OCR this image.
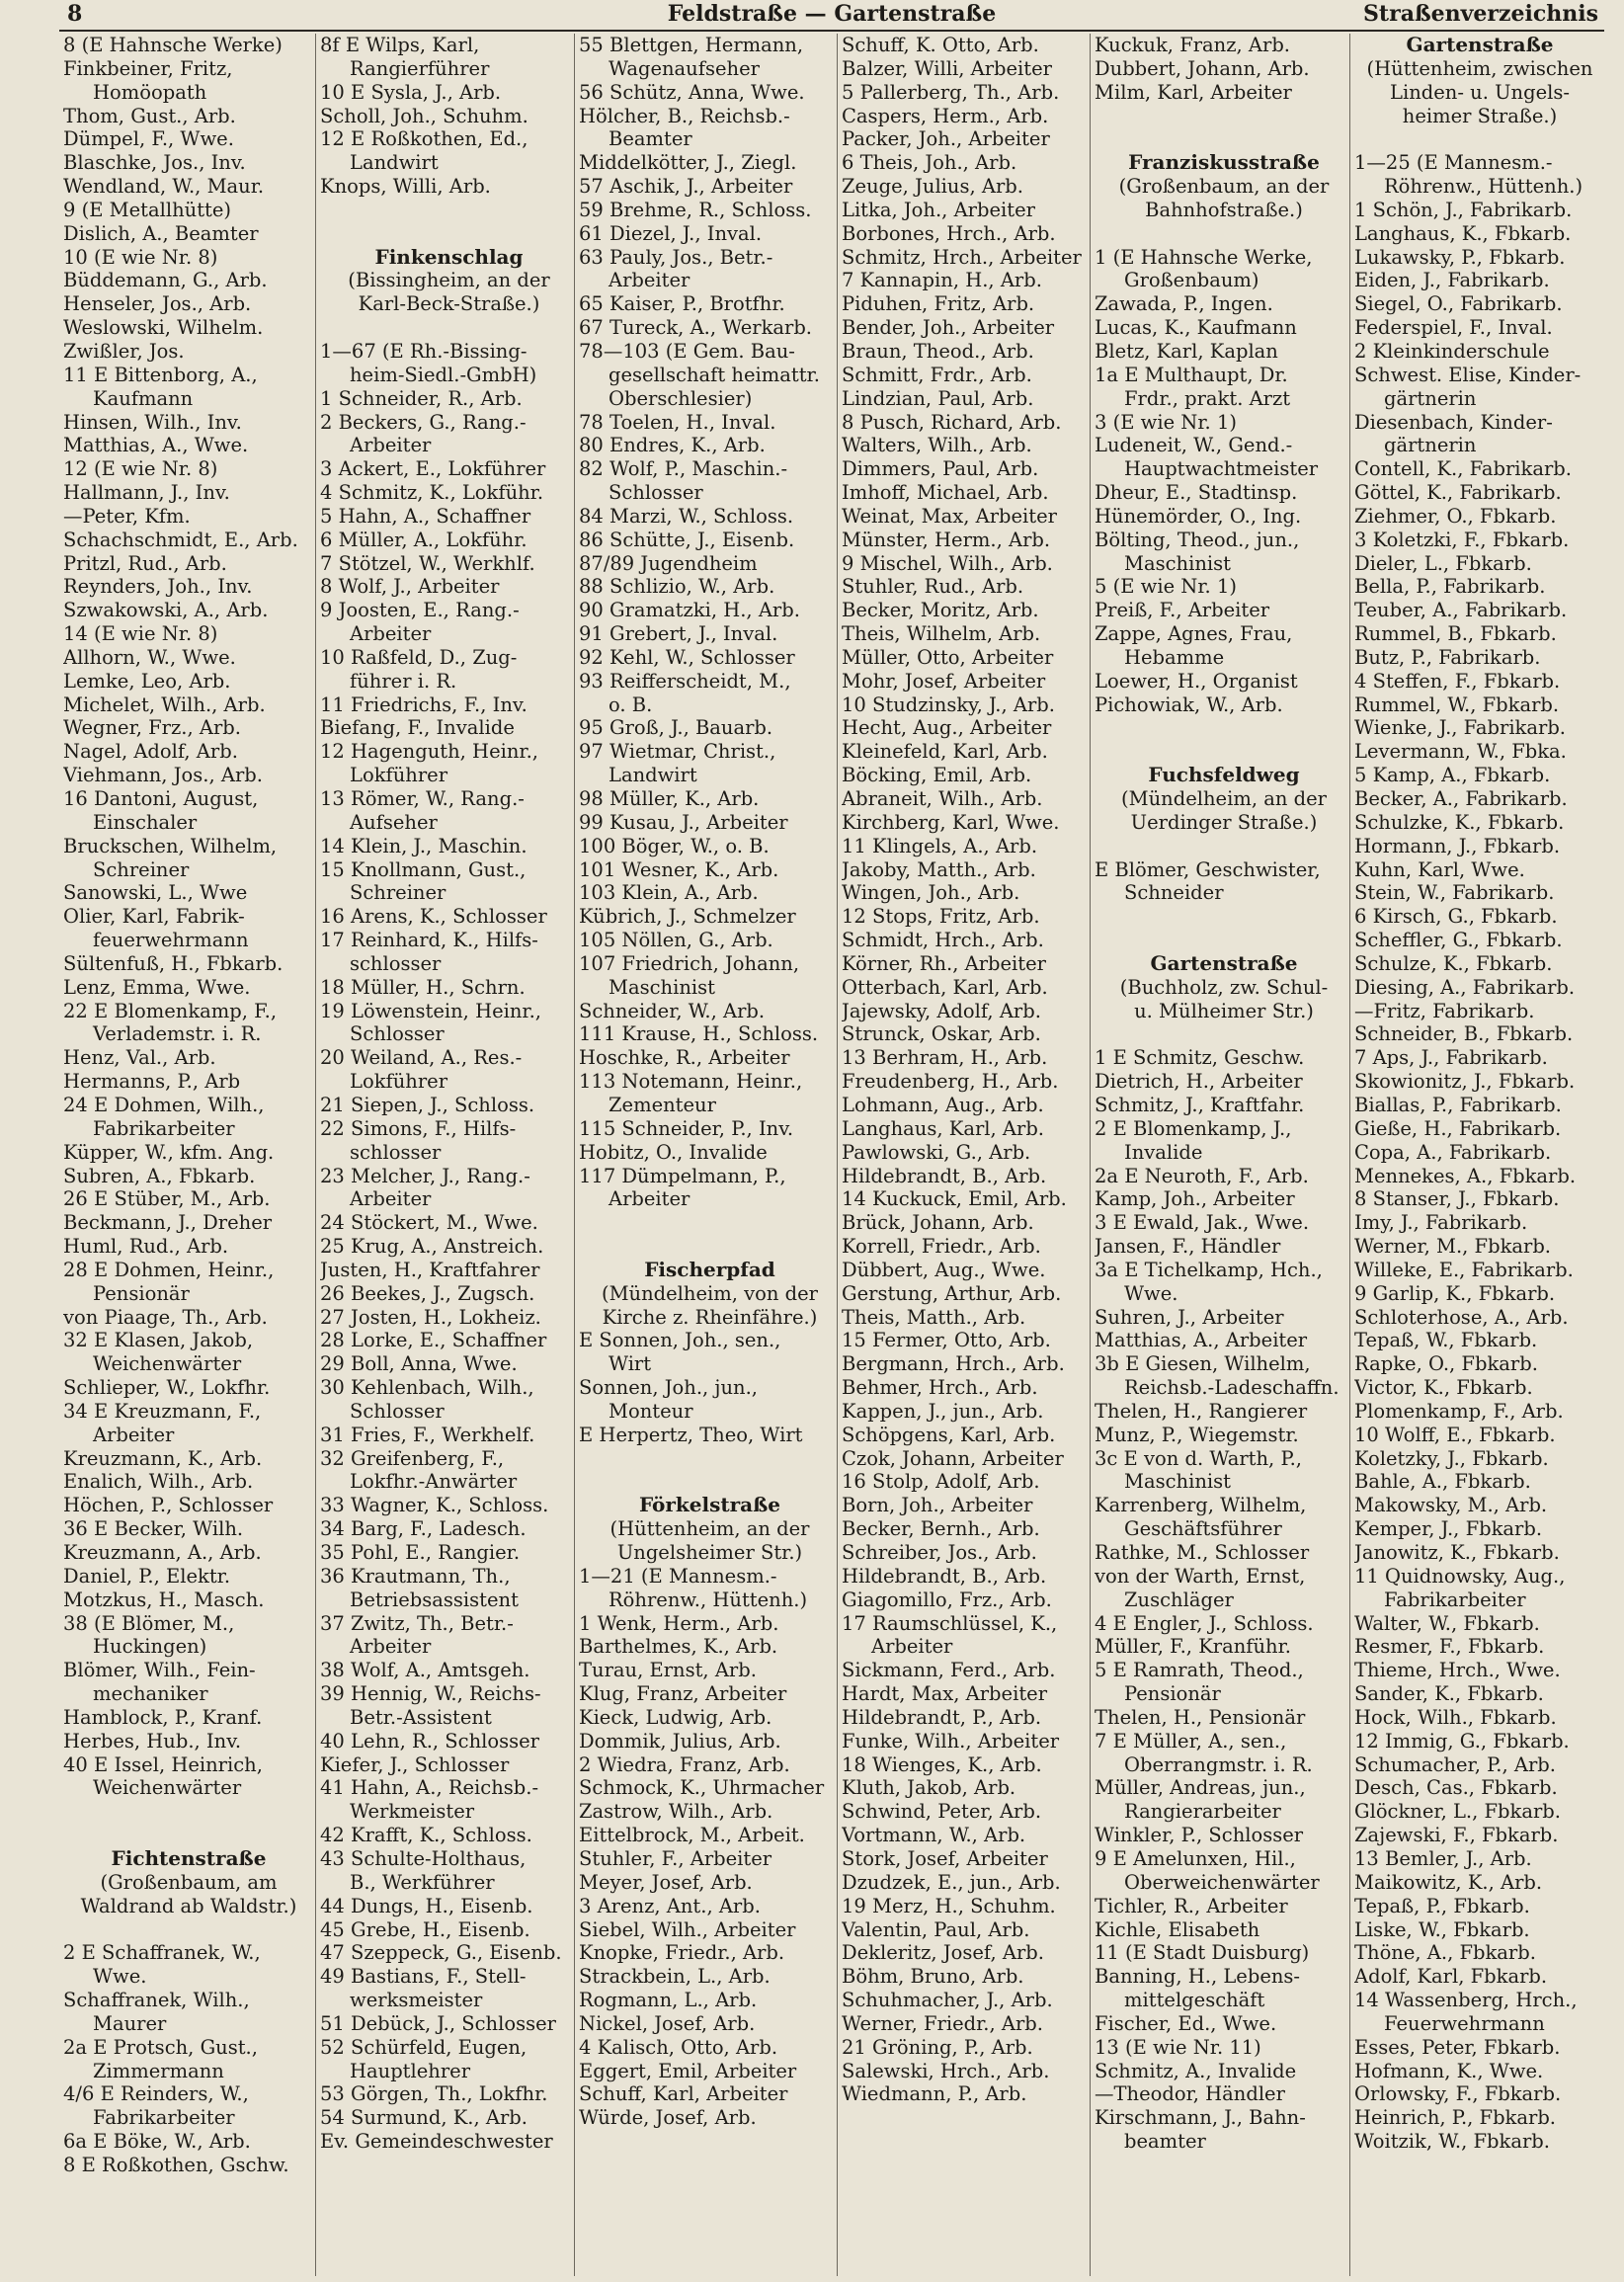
8	Feldstraße — Gartenstraße	Straßenverzeichnis
8 (E Hahnsche Werke)
Finkbeiner, Fritz,
Homöopath
Thom, Gust., Arb.
Dümpel, F., Wwe.
Blaschke, Jos., Inv.
Wendland, W., Maur.
9 (E Metallhütte)
Dislich, A., Beamter
10 (E wie Nr. 8)
Büddemann, G., Arb.
Henseler, Jos., Arb.
Weslowski, Wilhelm.
Zwißler, Jos.
11 E Bittenborg, A.,
Kaufmann
Hinsen, Wilh., Inv.
Matthias, A., Wwe.
12 (E wie Nr. 8)
Hallmann, J., Inv.
—Peter, Kfm.
Schachschmidt, E., Arb.
Pritzl, Rud., Arb.
Reynders, Joh., Inv.
Szwakowski, A., Arb.
14 (E wie Nr. 8)
Allhorn, W., Wwe.
Lemke, Leo, Arb.
Michelet, Wilh., Arb.
Wegner, Frz., Arb.
Nagel, Adolf, Arb.
Viehmann, Jos., Arb.
16 Dantoni, August,
Einschaler
Bruckschen, Wilhelm,
Schreiner
Sanowski, L., Wwe
Olier, Karl, Fabrik-
feuerwehrmann
Sültenfuß, H., Fbkarb.
Lenz, Emma, Wwe.
22 E Blomenkamp, F.,
Verlademstr. i. R.
Henz, Val., Arb.
Hermanns, P., Arb
24 E Dohmen, Wilh.,
Fabrikarbeiter
Küpper, W., kfm. Ang.
Subren, A., Fbkarb.
26 E Stüber, M., Arb.
Beckmann, J., Dreher
Huml, Rud., Arb.
28 E Dohmen, Heinr.,
Pensionär
von Piaage, Th., Arb.
32 E Klasen, Jakob,
Weichenwärter
Schlieper, W., Lokfhr.
34 E Kreuzmann, F.,
Arbeiter
Kreuzmann, K., Arb.
Enalich, Wilh., Arb.
Höchen, P., Schlosser
36 E Becker, Wilh.
Kreuzmann, A., Arb.
Daniel, P., Elektr.
Motzkus, H., Masch.
38 (E Blömer, M.,
Huckingen)
Blömer, Wilh., Fein-
mechaniker
Hamblock, P., Kranf.
Herbes, Hub., Inv.
40 E Issel, Heinrich,
Weichenwärter
Fichtenstraße
(Großenbaum, am
Waldrand ab Waldstr.)
2 E Schaffranek, W.,
Wwe.
Schaffranek, Wilh.,
Maurer
2a E Protsch, Gust.,
Zimmermann
4/6 E Reinders, W.,
Fabrikarbeiter
6a E Böke, W., Arb.
8 E Roßkothen, Gschw.
8f E Wilps, Karl,
Rangierführer
10 E Sysla, J., Arb.
Scholl, Joh., Schuhm.
12 E Roßkothen, Ed.,
Landwirt
Knops, Willi, Arb.
Finkenschlag
(Bissingheim, an der
Karl-Beck-Straße.)
1—67 (E Rh.-Bissing-
heim-Siedl.-GmbH)
1 Schneider, R., Arb.
2 Beckers, G., Rang.-
Arbeiter
3 Ackert, E., Lokführer
4 Schmitz, K., Lokführ.
5 Hahn, A., Schaffner
6 Müller, A., Lokführ.
7 Stötzel, W., Werkhlf.
8 Wolf, J., Arbeiter
9 Joosten, E., Rang.-
Arbeiter
10 Raßfeld, D., Zug-
führer i. R.
11 Friedrichs, F., Inv.
Biefang, F., Invalide
12 Hagenguth, Heinr.,
Lokführer
13 Römer, W., Rang.-
Aufseher
14 Klein, J., Maschin.
15 Knollmann, Gust.,
Schreiner
16 Arens, K., Schlosser
17 Reinhard, K., Hilfs-
schlosser
18 Müller, H., Schrn.
19 Löwenstein, Heinr.,
Schlosser
20 Weiland, A., Res.-
Lokführer
21 Siepen, J., Schloss.
22 Simons, F., Hilfs-
schlosser
23 Melcher, J., Rang.-
Arbeiter
24 Stöckert, M., Wwe.
25 Krug, A., Anstreich.
Justen, H., Kraftfahrer
26 Beekes, J., Zugsch.
27 Josten, H., Lokheiz.
28 Lorke, E., Schaffner
29 Boll, Anna, Wwe.
30 Kehlenbach, Wilh.,
Schlosser
31 Fries, F., Werkhelf.
32 Greifenberg, F.,
Lokfhr.-Anwärter
33 Wagner, K., Schloss.
34 Barg, F., Ladesch.
35 Pohl, E., Rangier.
36 Krautmann, Th.,
Betriebsassistent
37 Zwitz, Th., Betr.-
Arbeiter
38 Wolf, A., Amtsgeh.
39 Hennig, W., Reichs-
Betr.-Assistent
40 Lehn, R., Schlosser
Kiefer, J., Schlosser
41 Hahn, A., Reichsb.-
Werkmeister
42 Krafft, K., Schloss.
43 Schulte-Holthaus,
B., Werkführer
44 Dungs, H., Eisenb.
45 Grebe, H., Eisenb.
47 Szeppeck, G., Eisenb.
49 Bastians, F., Stell-
werksmeister
51 Debück, J., Schlosser
52 Schürfeld, Eugen,
Hauptlehrer
53 Görgen, Th., Lokfhr.
54 Surmund, K., Arb.
Ev. Gemeindeschwester
55 Blettgen, Hermann,
Wagenaufseher
56 Schütz, Anna, Wwe.
Hölcher, B., Reichsb.-
Beamter
Middelkötter, J., Ziegl.
57 Aschik, J., Arbeiter
59 Brehme, R., Schloss.
61 Diezel, J., Inval.
63 Pauly, Jos., Betr.-
Arbeiter
65 Kaiser, P., Brotfhr.
67 Tureck, A., Werkarb.
78—103 (E Gem. Bau-
gesellschaft heimattr.
Oberschlesier)
78 Toelen, H., Inval.
80 Endres, K., Arb.
82 Wolf, P., Maschin.-
Schlosser
84 Marzi, W., Schloss.
86 Schütte, J., Eisenb.
87/89 Jugendheim
88 Schlizio, W., Arb.
90 Gramatzki, H., Arb.
91 Grebert, J., Inval.
92 Kehl, W., Schlosser
93 Reifferscheidt, M.,
o. B.
95 Groß, J., Bauarb.
97 Wietmar, Christ.,
Landwirt
98 Müller, K., Arb.
99 Kusau, J., Arbeiter
100 Böger, W., o. B.
101 Wesner, K., Arb.
103 Klein, A., Arb.
Kübrich, J., Schmelzer
105 Nöllen, G., Arb.
107 Friedrich, Johann,
Maschinist
Schneider, W., Arb.
111 Krause, H., Schloss.
Hoschke, R., Arbeiter
113 Notemann, Heinr.,
Zementeur
115 Schneider, P., Inv.
Hobitz, O., Invalide
117 Dümpelmann, P.,
Arbeiter
Fischerpfad
(Mündelheim, von der
Kirche z. Rheinfähre.)
E Sonnen, Joh., sen.,
Wirt
Sonnen, Joh., jun.,
Monteur
E Herpertz, Theo, Wirt
Förkelstraße
(Hüttenheim, an der
Ungelsheimer Str.)
1—21 (E Mannesm.-
Röhrenw., Hüttenh.)
1 Wenk, Herm., Arb.
Barthelmes, K., Arb.
Turau, Ernst, Arb.
Klug, Franz, Arbeiter
Kieck, Ludwig, Arb.
Dommik, Julius, Arb.
2 Wiedra, Franz, Arb.
Schmock, K., Uhrmacher
Zastrow, Wilh., Arb.
Eittelbrock, M., Arbeit.
Stuhler, F., Arbeiter
Meyer, Josef, Arb.
3 Arenz, Ant., Arb.
Siebel, Wilh., Arbeiter
Knopke, Friedr., Arb.
Strackbein, L., Arb.
Rogmann, L., Arb.
Nickel, Josef, Arb.
4 Kalisch, Otto, Arb.
Eggert, Emil, Arbeiter
Schuff, Karl, Arbeiter
Würde, Josef, Arb.
Schuff, K. Otto, Arb.
Balzer, Willi, Arbeiter
5 Pallerberg, Th., Arb.
Caspers, Herm., Arb.
Packer, Joh., Arbeiter
6 Theis, Joh., Arb.
Zeuge, Julius, Arb.
Litka, Joh., Arbeiter
Borbones, Hrch., Arb.
Schmitz, Hrch., Arbeiter
7 Kannapin, H., Arb.
Piduhen, Fritz, Arb.
Bender, Joh., Arbeiter
Braun, Theod., Arb.
Schmitt, Frdr., Arb.
Lindzian, Paul, Arb.
8 Pusch, Richard, Arb.
Walters, Wilh., Arb.
Dimmers, Paul, Arb.
Imhoff, Michael, Arb.
Weinat, Max, Arbeiter
Münster, Herm., Arb.
9 Mischel, Wilh., Arb.
Stuhler, Rud., Arb.
Becker, Moritz, Arb.
Theis, Wilhelm, Arb.
Müller, Otto, Arbeiter
Mohr, Josef, Arbeiter
10 Studzinsky, J., Arb.
Hecht, Aug., Arbeiter
Kleinefeld, Karl, Arb.
Böcking, Emil, Arb.
Abraneit, Wilh., Arb.
Kirchberg, Karl, Wwe.
11 Klingels, A., Arb.
Jakoby, Matth., Arb.
Wingen, Joh., Arb.
12 Stops, Fritz, Arb.
Schmidt, Hrch., Arb.
Körner, Rh., Arbeiter
Otterbach, Karl, Arb.
Jajewsky, Adolf, Arb.
Strunck, Oskar, Arb.
13 Berhram, H., Arb.
Freudenberg, H., Arb.
Lohmann, Aug., Arb.
Langhaus, Karl, Arb.
Pawlowski, G., Arb.
Hildebrandt, B., Arb.
14 Kuckuck, Emil, Arb.
Brück, Johann, Arb.
Korrell, Friedr., Arb.
Dübbert, Aug., Wwe.
Gerstung, Arthur, Arb.
Theis, Matth., Arb.
15 Fermer, Otto, Arb.
Bergmann, Hrch., Arb.
Behmer, Hrch., Arb.
Kappen, J., jun., Arb.
Schöpgens, Karl, Arb.
Czok, Johann, Arbeiter
16 Stolp, Adolf, Arb.
Born, Joh., Arbeiter
Becker, Bernh., Arb.
Schreiber, Jos., Arb.
Hildebrandt, B., Arb.
Giagomillo, Frz., Arb.
17 Raumschlüssel, K.,
Arbeiter
Sickmann, Ferd., Arb.
Hardt, Max, Arbeiter
Hildebrandt, P., Arb.
Funke, Wilh., Arbeiter
18 Wienges, K., Arb.
Kluth, Jakob, Arb.
Schwind, Peter, Arb.
Vortmann, W., Arb.
Stork, Josef, Arbeiter
Dzudzek, E., jun., Arb.
19 Merz, H., Schuhm.
Valentin, Paul, Arb.
Dekleritz, Josef, Arb.
Böhm, Bruno, Arb.
Schuhmacher, J., Arb.
Werner, Friedr., Arb.
21 Gröning, P., Arb.
Salewski, Hrch., Arb.
Wiedmann, P., Arb.
Kuckuk, Franz, Arb.
Dubbert, Johann, Arb.
Milm, Karl, Arbeiter
Franziskusstraße
(Großenbaum, an der
Bahnhofstraße.)
1 (E Hahnsche Werke,
Großenbaum)
Zawada, P., Ingen.
Lucas, K., Kaufmann
Bletz, Karl, Kaplan
1a E Multhaupt, Dr.
Frdr., prakt. Arzt
3 (E wie Nr. 1)
Ludeneit, W., Gend.-
Hauptwachtmeister
Dheur, E., Stadtinsp.
Hünemörder, O., Ing.
Bölting, Theod., jun.,
Maschinist
5 (E wie Nr. 1)
Preiß, F., Arbeiter
Zappe, Agnes, Frau,
Hebamme
Loewer, H., Organist
Pichowiak, W., Arb.
Fuchsfeldweg
(Mündelheim, an der
Uerdinger Straße.)
E Blömer, Geschwister,
Schneider
Gartenstraße
(Buchholz, zw. Schul-
u. Mülheimer Str.)
1 E Schmitz, Geschw.
Dietrich, H., Arbeiter
Schmitz, J., Kraftfahr.
2 E Blomenkamp, J.,
Invalide
2a E Neuroth, F., Arb.
Kamp, Joh., Arbeiter
3 E Ewald, Jak., Wwe.
Jansen, F., Händler
3a E Tichelkamp, Hch.,
Wwe.
Suhren, J., Arbeiter
Matthias, A., Arbeiter
3b E Giesen, Wilhelm,
Reichsb.-Ladeschaffn.
Thelen, H., Rangierer
Munz, P., Wiegemstr.
3c E von d. Warth, P.,
Maschinist
Karrenberg, Wilhelm,
Geschäftsführer
Rathke, M., Schlosser
von der Warth, Ernst,
Zuschläger
4 E Engler, J., Schloss.
Müller, F., Kranführ.
5 E Ramrath, Theod.,
Pensionär
Thelen, H., Pensionär
7 E Müller, A., sen.,
Oberrangmstr. i. R.
Müller, Andreas, jun.,
Rangierarbeiter
Winkler, P., Schlosser
9 E Amelunxen, Hil.,
Oberweichenwärter
Tichler, R., Arbeiter
Kichle, Elisabeth
11 (E Stadt Duisburg)
Banning, H., Lebens-
mittelgeschäft
Fischer, Ed., Wwe.
13 (E wie Nr. 11)
Schmitz, A., Invalide
—Theodor, Händler
Kirschmann, J., Bahn-
beamter
Gartenstraße
(Hüttenheim, zwischen
Linden- u. Ungels-
heimer Straße.)
1—25 (E Mannesm.-
Röhrenw., Hüttenh.)
1 Schön, J., Fabrikarb.
Langhaus, K., Fbkarb.
Lukawsky, P., Fbkarb.
Eiden, J., Fabrikarb.
Siegel, O., Fabrikarb.
Federspiel, F., Inval.
2 Kleinkinderschule
Schwest. Elise, Kinder-
gärtnerin
Diesenbach, Kinder-
gärtnerin
Contell, K., Fabrikarb.
Göttel, K., Fabrikarb.
Ziehmer, O., Fbkarb.
3 Koletzki, F., Fbkarb.
Dieler, L., Fbkarb.
Bella, P., Fabrikarb.
Teuber, A., Fabrikarb.
Rummel, B., Fbkarb.
Butz, P., Fabrikarb.
4 Steffen, F., Fbkarb.
Rummel, W., Fbkarb.
Wienke, J., Fabrikarb.
Levermann, W., Fbka.
5 Kamp, A., Fbkarb.
Becker, A., Fabrikarb.
Schulzke, K., Fbkarb.
Hormann, J., Fbkarb.
Kuhn, Karl, Wwe.
Stein, W., Fabrikarb.
6 Kirsch, G., Fbkarb.
Scheffler, G., Fbkarb.
Schulze, K., Fbkarb.
Diesing, A., Fabrikarb.
—Fritz, Fabrikarb.
Schneider, B., Fbkarb.
7 Aps, J., Fabrikarb.
Skowionitz, J., Fbkarb.
Biallas, P., Fabrikarb.
Gieße, H., Fabrikarb.
Copa, A., Fabrikarb.
Mennekes, A., Fbkarb.
8 Stanser, J., Fbkarb.
Imy, J., Fabrikarb.
Werner, M., Fbkarb.
Willeke, E., Fabrikarb.
9 Garlip, K., Fbkarb.
Schloterhose, A., Arb.
Tepaß, W., Fbkarb.
Rapke, O., Fbkarb.
Victor, K., Fbkarb.
Plomenkamp, F., Arb.
10 Wolff, E., Fbkarb.
Koletzky, J., Fbkarb.
Bahle, A., Fbkarb.
Makowsky, M., Arb.
Kemper, J., Fbkarb.
Janowitz, K., Fbkarb.
11 Quidnowsky, Aug.,
Fabrikarbeiter
Walter, W., Fbkarb.
Resmer, F., Fbkarb.
Thieme, Hrch., Wwe.
Sander, K., Fbkarb.
Hock, Wilh., Fbkarb.
12 Immig, G., Fbkarb.
Schumacher, P., Arb.
Desch, Cas., Fbkarb.
Glöckner, L., Fbkarb.
Zajewski, F., Fbkarb.
13 Bemler, J., Arb.
Maikowitz, K., Arb.
Tepaß, P., Fbkarb.
Liske, W., Fbkarb.
Thöne, A., Fbkarb.
Adolf, Karl, Fbkarb.
14 Wassenberg, Hrch.,
Feuerwehrmann
Esses, Peter, Fbkarb.
Hofmann, K., Wwe.
Orlowsky, F., Fbkarb.
Heinrich, P., Fbkarb.
Woitzik, W., Fbkarb.
